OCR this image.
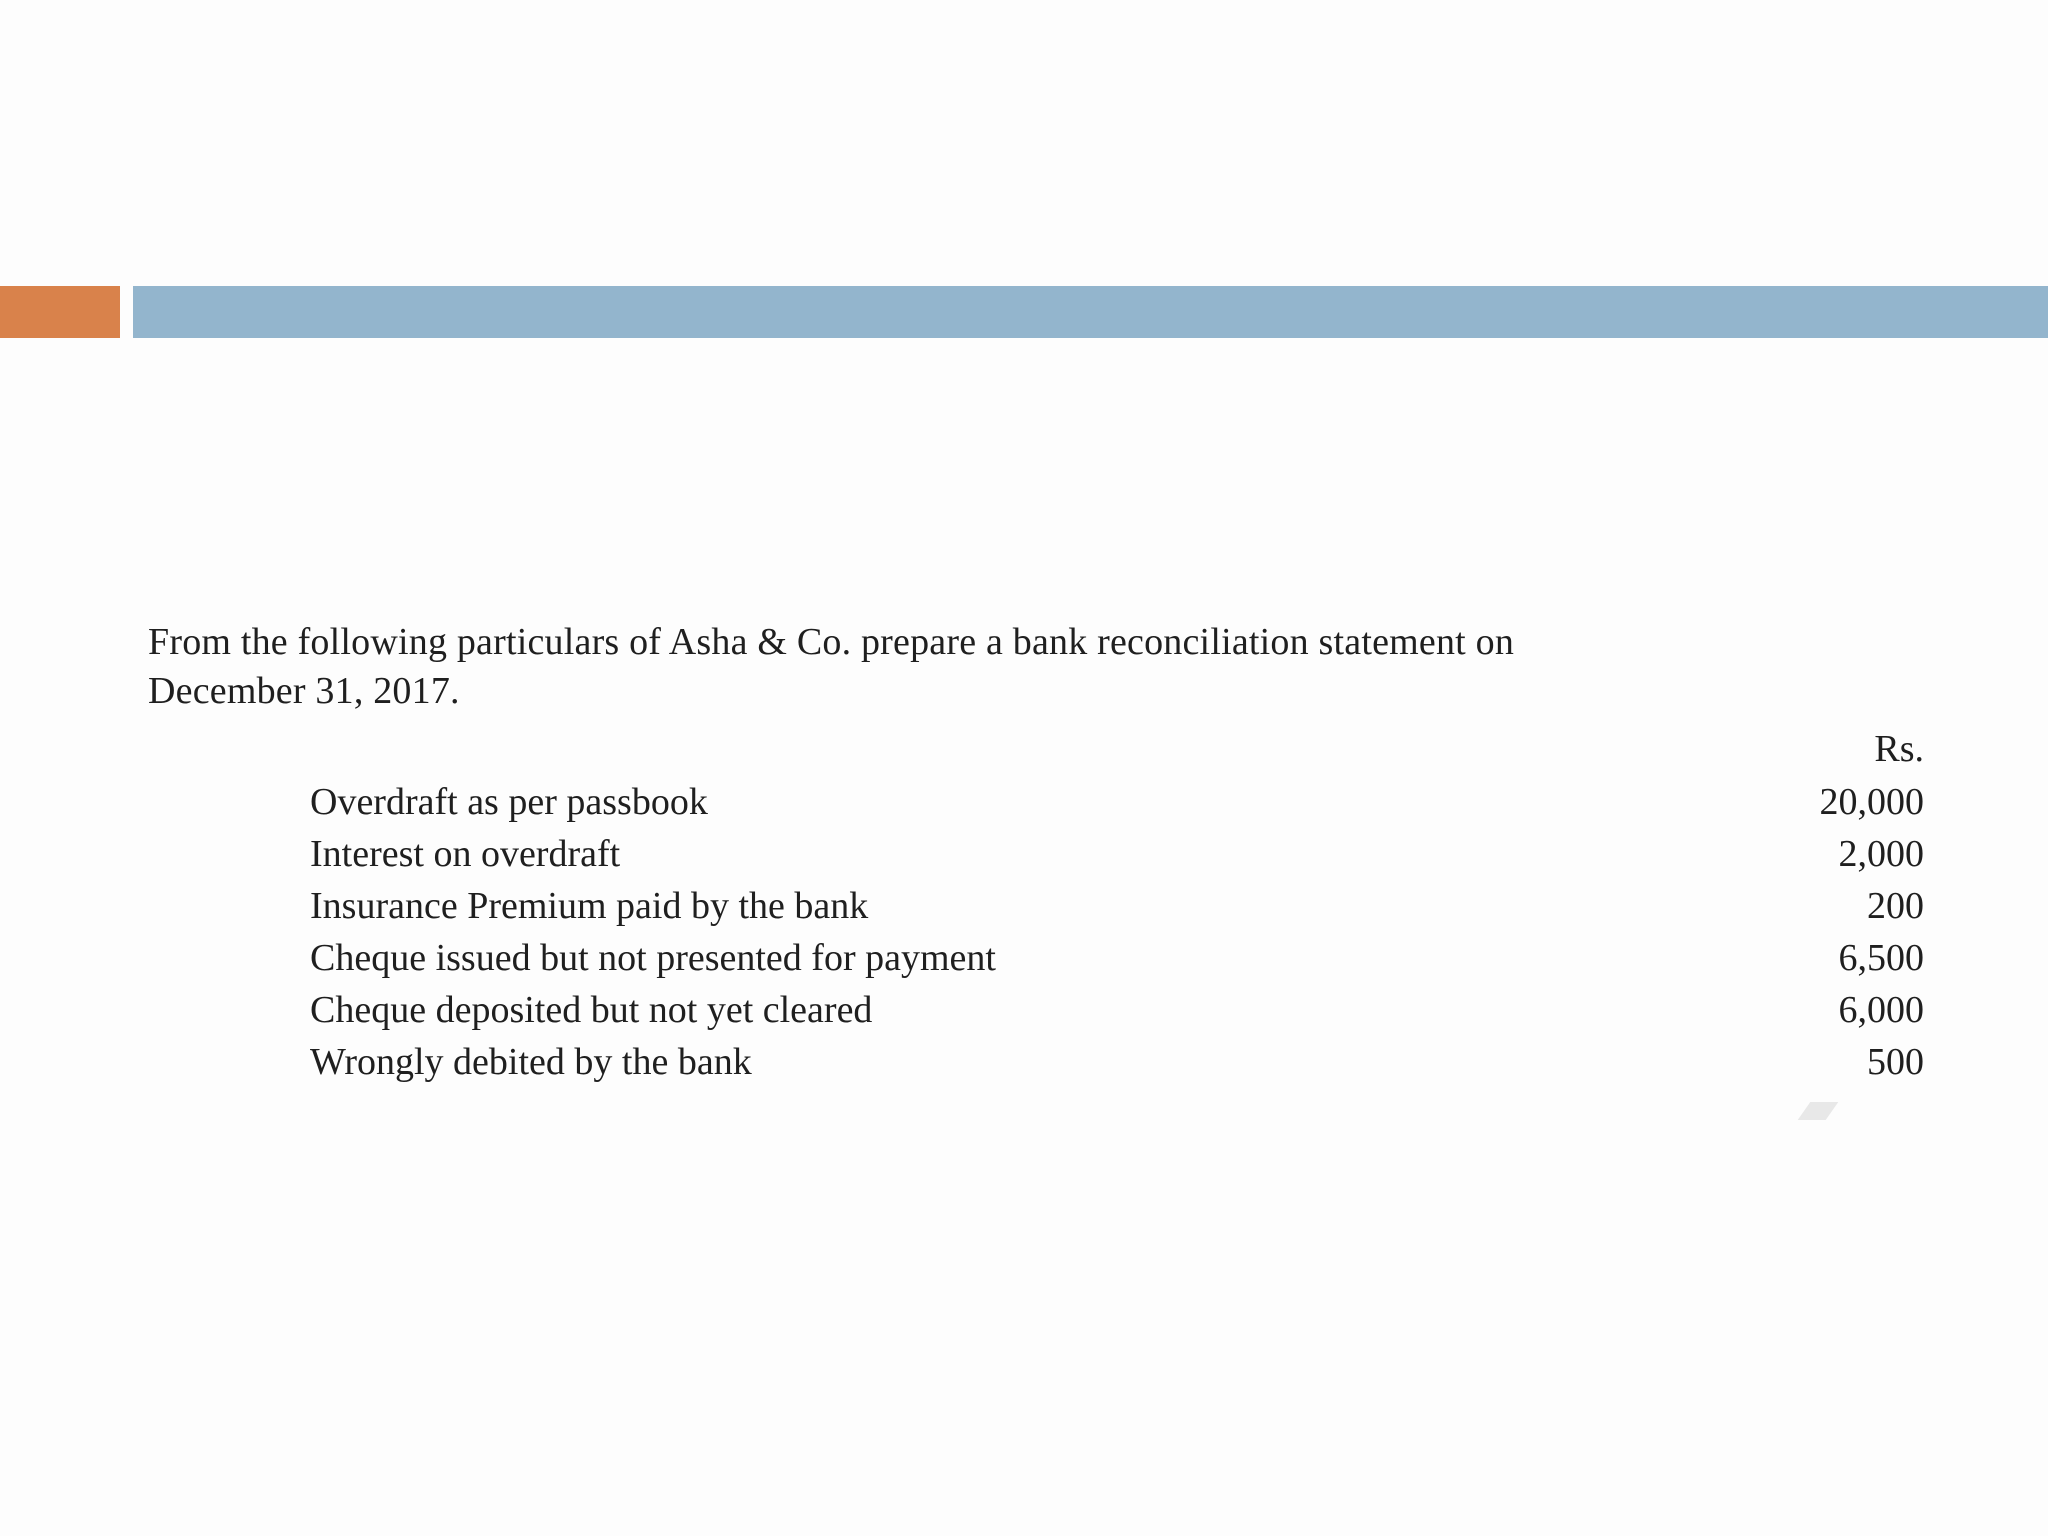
From the following particulars of Asha & Co. prepare a bank reconciliation statement on
December 31, 2017.

Rs.
Overdraft as per passbook	20,000
Interest on overdraft	2,000
Insurance Premium paid by the bank	200
Cheque issued but not presented for payment	6,500
Cheque deposited but not yet cleared	6,000
Wrongly debited by the bank	500
